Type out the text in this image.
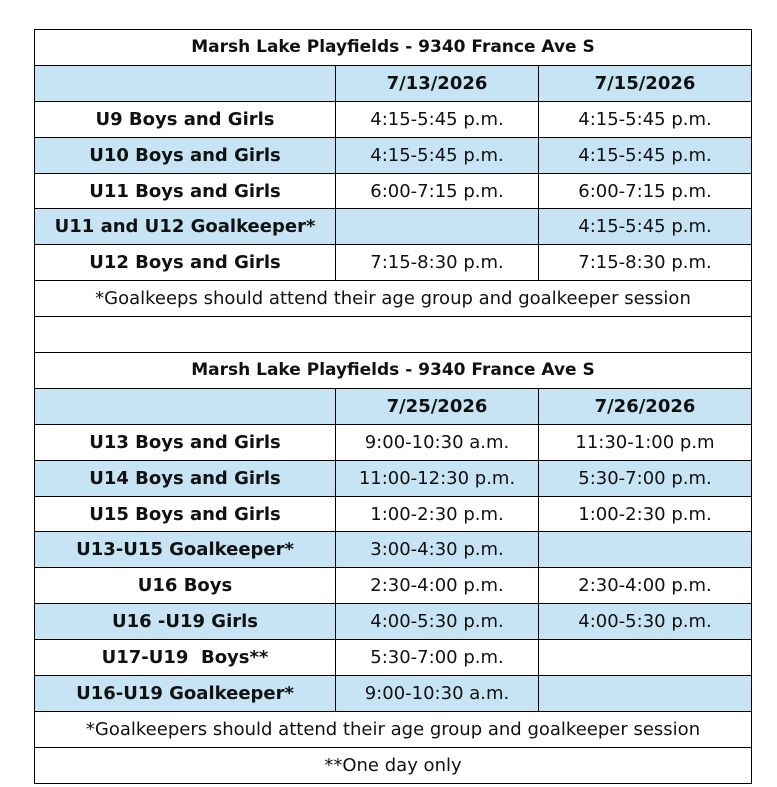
Marsh Lake Playfields - 9340 France Ave S		
	7/13/2026	7/15/2026
U9 Boys and Girls	4:15-5:45 p.m.	4:15-5:45 p.m.
U10 Boys and Girls	4:15-5:45 p.m.	4:15-5:45 p.m.
U11 Boys and Girls	6:00-7:15 p.m.	6:00-7:15 p.m.
U11 and U12 Goalkeeper*		4:15-5:45 p.m.
U12 Boys and Girls	7:15-8:30 p.m.	7:15-8:30 p.m.
*Goalkeeps should attend their age group and goalkeeper session		

Marsh Lake Playfields - 9340 France Ave S		
	7/25/2026	7/26/2026
U13 Boys and Girls	9:00-10:30 a.m.	11:30-1:00 p.m
U14 Boys and Girls	11:00-12:30 p.m.	5:30-7:00 p.m.
U15 Boys and Girls	1:00-2:30 p.m.	1:00-2:30 p.m.
U13-U15 Goalkeeper*	3:00-4:30 p.m.	
U16 Boys	2:30-4:00 p.m.	2:30-4:00 p.m.
U16 -U19 Girls	4:00-5:30 p.m.	4:00-5:30 p.m.
U17-U19  Boys**	5:30-7:00 p.m.	
U16-U19 Goalkeeper*	9:00-10:30 a.m.	
*Goalkeepers should attend their age group and goalkeeper session		
**One day only		
